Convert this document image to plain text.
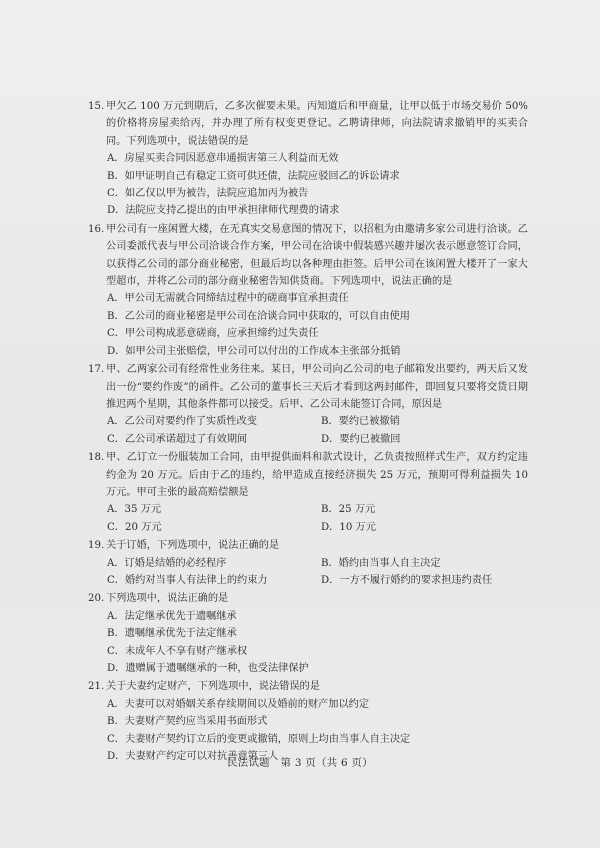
15. 甲欠乙 100 万元到期后，乙多次催要未果。丙知道后和甲商量，让甲以低于市场交易价 50%的价格将房屋卖给丙，并办理了所有权变更登记。乙聘请律师，向法院请求撤销甲的买卖合同。下列选项中，说法错误的是

A．房屋买卖合同因恶意串通损害第三人利益而无效

B．如甲证明自己有稳定工资可供还债，法院应驳回乙的诉讼请求

C．如乙仅以甲为被告，法院应追加丙为被告

D．法院应支持乙提出的由甲承担律师代理费的请求

16. 甲公司有一座闲置大楼，在无真实交易意图的情况下，以招租为由邀请多家公司进行洽谈。乙公司委派代表与甲公司洽谈合作方案，甲公司在洽谈中假装感兴趣并屡次表示愿意签订合同，以获得乙公司的部分商业秘密，但最后均以各种理由拒签。后甲公司在该闲置大楼开了一家大型超市，并将乙公司的部分商业秘密告知供货商。下列选项中，说法正确的是

A．甲公司无需就合同缔结过程中的磋商事宜承担责任

B．乙公司的商业秘密是甲公司在洽谈合同中获取的，可以自由使用

C．甲公司构成恶意磋商，应承担缔约过失责任

D．如甲公司主张赔偿，甲公司可以付出的工作成本主张部分抵销

17. 甲、乙两家公司有经常性业务往来。某日，甲公司向乙公司的电子邮箱发出要约，两天后又发出一份“要约作废”的函件。乙公司的董事长三天后才看到这两封邮件，即回复只要将交货日期推迟两个星期，其他条件都可以接受。后甲、乙公司未能签订合同，原因是

A．乙公司对要约作了实质性改变	B．要约已被撤销

C．乙公司承诺超过了有效期间	D．要约已被撤回

18. 甲、乙订立一份服装加工合同，由甲提供面料和款式设计，乙负责按照样式生产，双方约定违约金为 20 万元。后由于乙的违约，给甲造成直接经济损失 25 万元，预期可得利益损失 10 万元。甲可主张的最高赔偿额是

A．35 万元	B．25 万元

C．20 万元	D．10 万元

19. 关于订婚，下列选项中，说法正确的是

A．订婚是结婚的必经程序	B．婚约由当事人自主决定

C．婚约对当事人有法律上的约束力	D．一方不履行婚约的要求担违约责任

20. 下列选项中，说法正确的是

A．法定继承优先于遗嘱继承

B．遗嘱继承优先于法定继承

C．未成年人不享有财产继承权

D．遗赠属于遗嘱继承的一种，也受法律保护

21. 关于夫妻约定财产，下列选项中，说法错误的是

A．夫妻可以对婚姻关系存续期间以及婚前的财产加以约定

B．夫妻财产契约应当采用书面形式

C．夫妻财产契约订立后的变更或撤销，原则上均由当事人自主决定

D．夫妻财产约定可以对抗善意第三人

民法试题　第 3 页（共 6 页）
